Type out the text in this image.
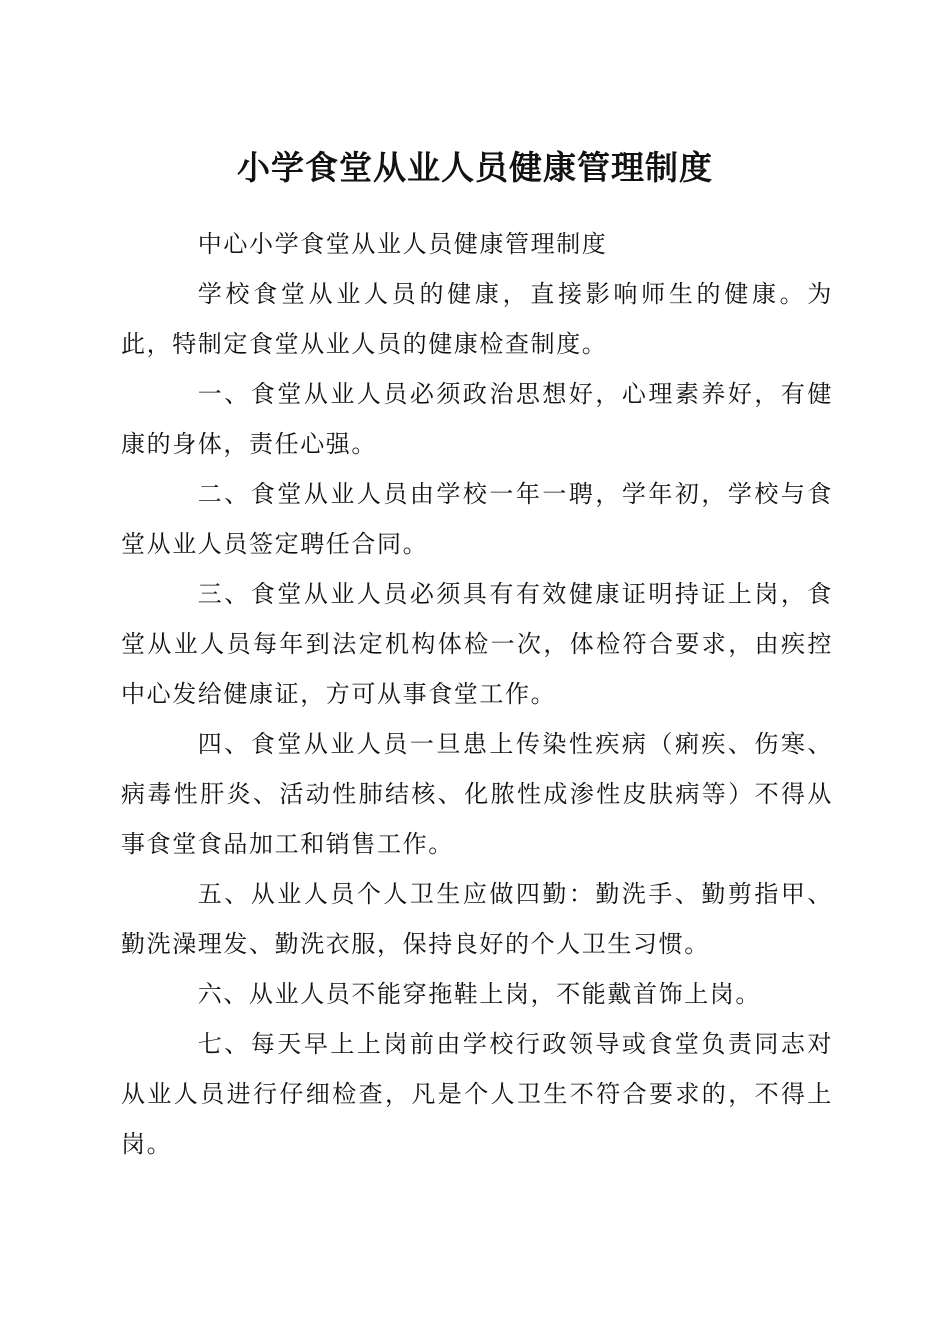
小学食堂从业人员健康管理制度

中心小学食堂从业人员健康管理制度

学校食堂从业人员的健康，直接影响师生的健康。为此，特制定食堂从业人员的健康检查制度。

一、食堂从业人员必须政治思想好，心理素养好，有健康的身体，责任心强。

二、食堂从业人员由学校一年一聘，学年初，学校与食堂从业人员签定聘任合同。

三、食堂从业人员必须具有有效健康证明持证上岗，食堂从业人员每年到法定机构体检一次，体检符合要求，由疾控中心发给健康证，方可从事食堂工作。

四、食堂从业人员一旦患上传染性疾病（痢疾、伤寒、病毒性肝炎、活动性肺结核、化脓性成渗性皮肤病等）不得从事食堂食品加工和销售工作。

五、从业人员个人卫生应做四勤：勤洗手、勤剪指甲、勤洗澡理发、勤洗衣服，保持良好的个人卫生习惯。

六、从业人员不能穿拖鞋上岗，不能戴首饰上岗。

七、每天早上上岗前由学校行政领导或食堂负责同志对从业人员进行仔细检查，凡是个人卫生不符合要求的，不得上岗。
